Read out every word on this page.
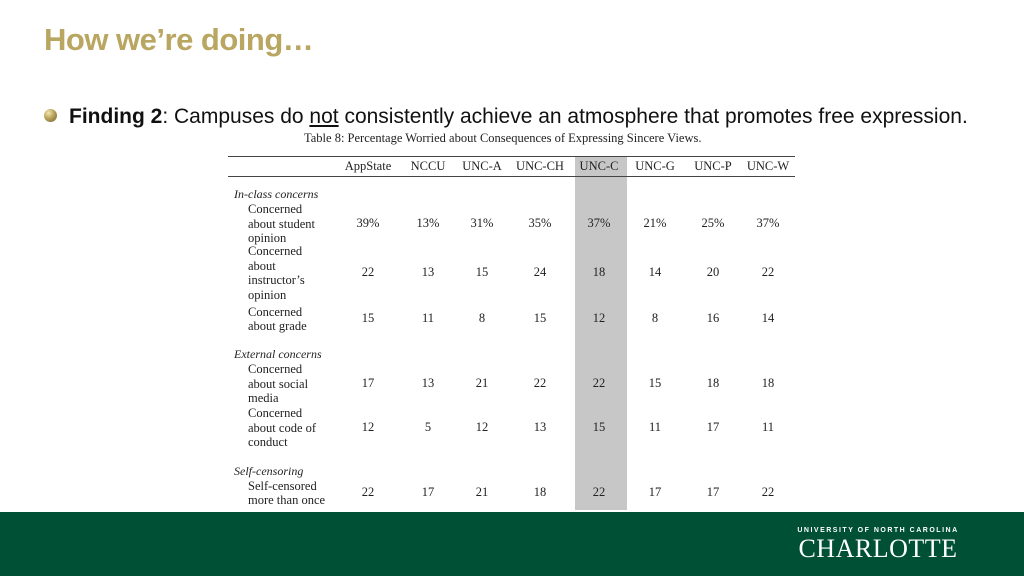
How we’re doing…
Finding 2: Campuses do not consistently achieve an atmosphere that promotes free expression.
Table 8: Percentage Worried about Consequences of Expressing Sincere Views.
AppState NCCU UNC-A UNC-CH UNC-C UNC-G UNC-P UNC-W
In-class concerns
Concerned about student opinion
39%	13% 31%	35%	37%	21%	25%	37%
Concerned about instructor’s opinion
22	13	15	24	18	14	20	22
Concerned about grade
15	11	8	15	12	8	16	14
External concerns
Concerned about social media
17	13	21	22	22	15	18	18
Concerned about code of conduct
12	5	12	13	15	11	17	11
Self-censoring
Self-censored more than once
22	17	21	18	22	17	17	22
UNIVERSITY OF NORTH CAROLINA
CHARLOTTE
